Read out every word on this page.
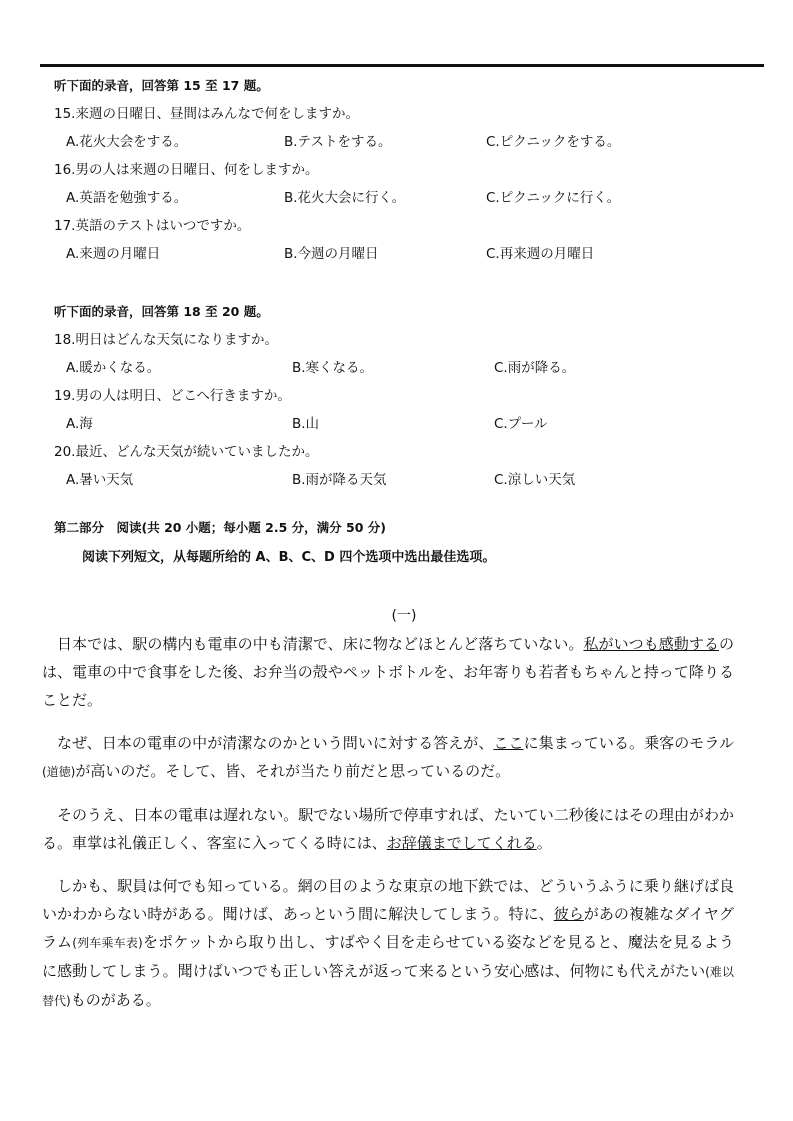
听下面的录音，回答第 15 至 17 题。
15.来週の日曜日、昼間はみんなで何をしますか。
A.花火大会をする。	B.テストをする。	C.ピクニックをする。
16.男の人は来週の日曜日、何をしますか。
A.英語を勉強する。	B.花火大会に行く。	C.ピクニックに行く。
17.英語のテストはいつですか。
A.来週の月曜日	B.今週の月曜日	C.再来週の月曜日
听下面的录音，回答第 18 至 20 题。
18.明日はどんな天気になりますか。
A.暖かくなる。	B.寒くなる。	C.雨が降る。
19.男の人は明日、どこへ行きますか。
A.海	B.山	C.プール
20.最近、どんな天気が続いていましたか。
A.暑い天気	B.雨が降る天気	C.涼しい天気
第二部分　阅读(共 20 小题；每小题 2.5 分，满分 50 分)
阅读下列短文，从每题所给的 A、B、C、D 四个选项中选出最佳选项。
(一)

日本では、駅の構内も電車の中も清潔で、床に物などほとんど落ちていない。私がいつも感動するのは、電車の中で食事をした後、お弁当の殻やペットボトルを、お年寄りも若者もちゃんと持って降りることだ。

なぜ、日本の電車の中が清潔なのかという問いに対する答えが、ここに集まっている。乗客のモラル(道徳)が高いのだ。そして、皆、それが当たり前だと思っているのだ。

そのうえ、日本の電車は遅れない。駅でない場所で停車すれば、たいてい二秒後にはその理由がわかる。車掌は礼儀正しく、客室に入ってくる時には、お辞儀までしてくれる。

しかも、駅員は何でも知っている。網の目のような東京の地下鉄では、どういうふうに乗り継げば良いかわからない時がある。聞けば、あっという間に解決してしまう。特に、彼らがあの複雑なダイヤグラム(列车乘车表)をポケットから取り出し、すばやく目を走らせている姿などを見ると、魔法を見るように感動してしまう。聞けばいつでも正しい答えが返って来るという安心感は、何物にも代えがたい(难以替代)ものがある。
